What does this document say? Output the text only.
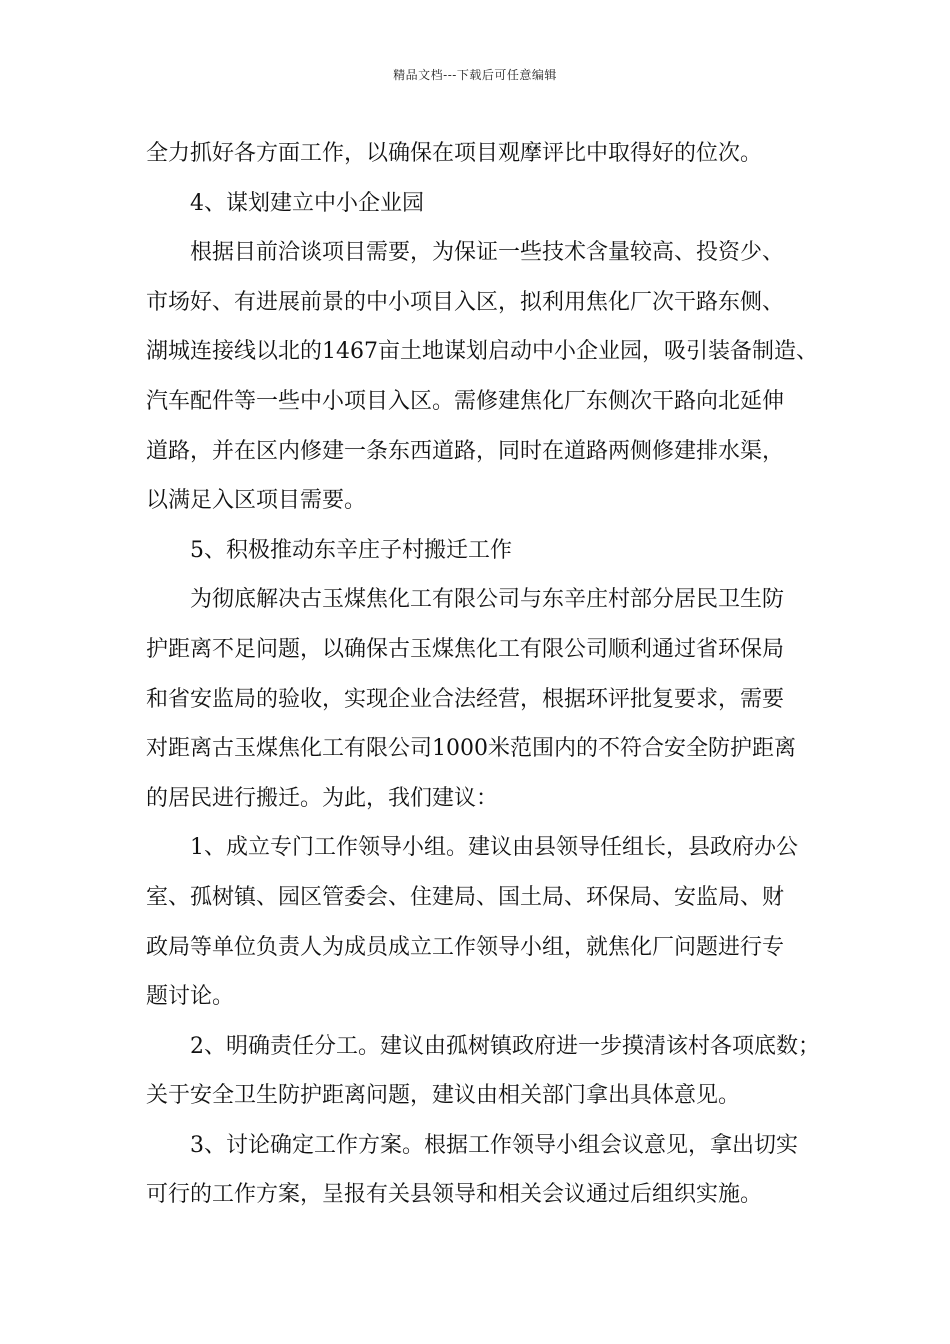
精品文档---下载后可任意编辑
全力抓好各方面工作，以确保在项目观摩评比中取得好的位次。
4、谋划建立中小企业园
根据目前洽谈项目需要，为保证一些技术含量较高、投资少、
市场好、有进展前景的中小项目入区，拟利用焦化厂次干路东侧、
湖城连接线以北的1467亩土地谋划启动中小企业园，吸引装备制造、
汽车配件等一些中小项目入区。需修建焦化厂东侧次干路向北延伸
道路，并在区内修建一条东西道路，同时在道路两侧修建排水渠，
以满足入区项目需要。
5、积极推动东辛庄子村搬迁工作
为彻底解决古玉煤焦化工有限公司与东辛庄村部分居民卫生防
护距离不足问题，以确保古玉煤焦化工有限公司顺利通过省环保局
和省安监局的验收，实现企业合法经营，根据环评批复要求，需要
对距离古玉煤焦化工有限公司1000米范围内的不符合安全防护距离
的居民进行搬迁。为此，我们建议：
1、成立专门工作领导小组。建议由县领导任组长，县政府办公
室、孤树镇、园区管委会、住建局、国土局、环保局、安监局、财
政局等单位负责人为成员成立工作领导小组，就焦化厂问题进行专
题讨论。
2、明确责任分工。建议由孤树镇政府进一步摸清该村各项底数；
关于安全卫生防护距离问题，建议由相关部门拿出具体意见。
3、讨论确定工作方案。根据工作领导小组会议意见，拿出切实
可行的工作方案，呈报有关县领导和相关会议通过后组织实施。
